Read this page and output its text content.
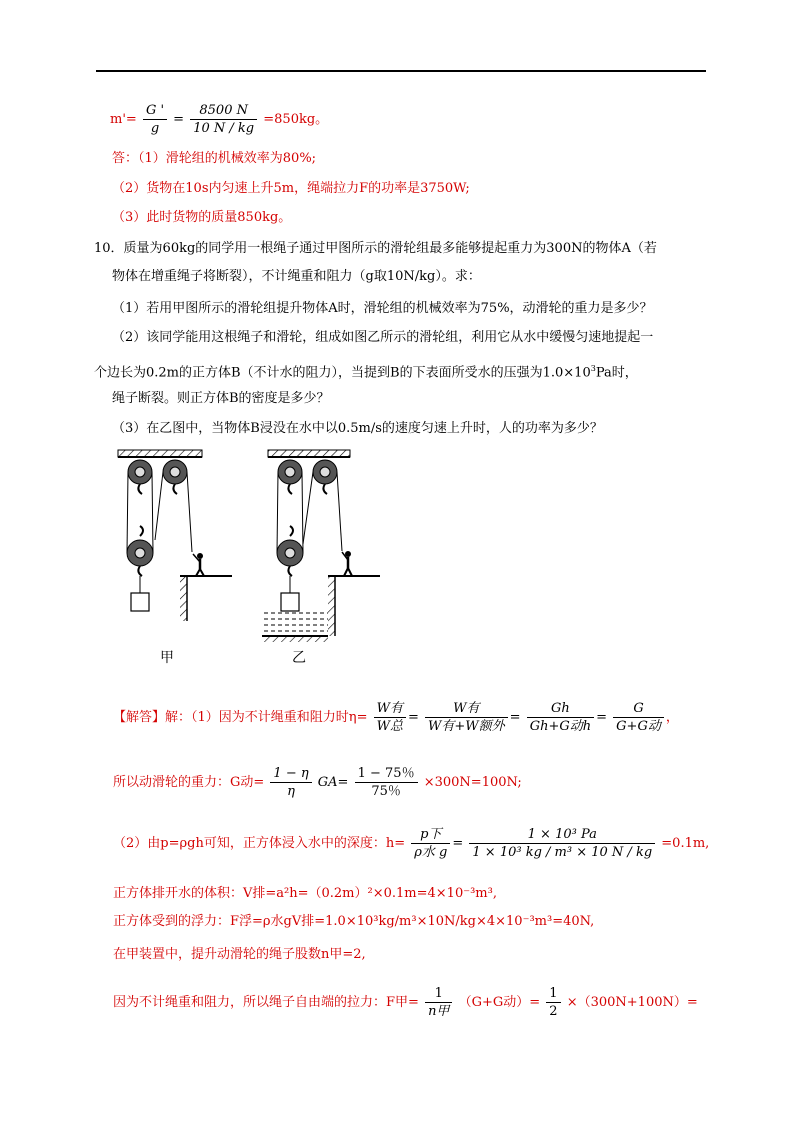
$m'= \frac{G '}{g} = \frac{8500 N}{10 N / kg} =850kg$。
答：（1）滑轮组的机械效率为80%;
（2）货物在10s内匀速上升5m，绳端拉力F的功率是3750W;
（3）此时货物的质量850kg。
10．质量为60kg的同学用一根绳子通过甲图所示的滑轮组最多能够提起重力为300N的物体A（若
物体在增重绳子将断裂），不计绳重和阻力（g取10N/kg）。求：
（1）若用甲图所示的滑轮组提升物体A时，滑轮组的机械效率为75%，动滑轮的重力是多少？
（2）该同学能用这根绳子和滑轮，组成如图乙所示的滑轮组，利用它从水中缓慢匀速地提起一
个边长为0.2m的正方体B（不计水的阻力），当提到B的下表面所受水的压强为$1.0\times 10^3Pa$时，
绳子断裂。则正方体B的密度是多少？
（3）在乙图中，当物体B浸没在水中以0.5m/s的速度匀速上升时，人的功率为多少？
甲	乙
【解答】解：（1）因为不计绳重和阻力时$\eta= \frac{\text{W有}}{\text{W总}} = \frac{\text{W有}}{\text{W有+W额外}} = \frac{Gh}{\text{Gh+G动h}} = \frac{G}{\text{G+G动}}$ ，
所以动滑轮的重力：G动= $\frac{1 - \eta}{\eta} GA= \frac{1 - 75\%}{75\%} \times 300N=100N$;
（2）由p=ρgh可知，正方体浸入水中的深度：$h= \frac{\text{p下}}{\text{ρ水 g}} = \frac{\text{1 × 10³ Pa}}{\text{1 × 10³ kg / m³ × 10 N / kg}} =0.1m$,
正方体排开水的体积：V排=a²h=（0.2m）²×0.1m=4×10⁻³m³,
正方体受到的浮力：F浮=ρ水gV排=1.0×10³kg/m³×10N/kg×4×10⁻³m³=40N,
在甲装置中，提升动滑轮的绳子股数n甲=2,
因为不计绳重和阻力，所以绳子自由端的拉力：F甲= $\frac{1}{\text{n甲}} (G+G$动）= $\frac{1}{2} \times(300N+100N)=$
